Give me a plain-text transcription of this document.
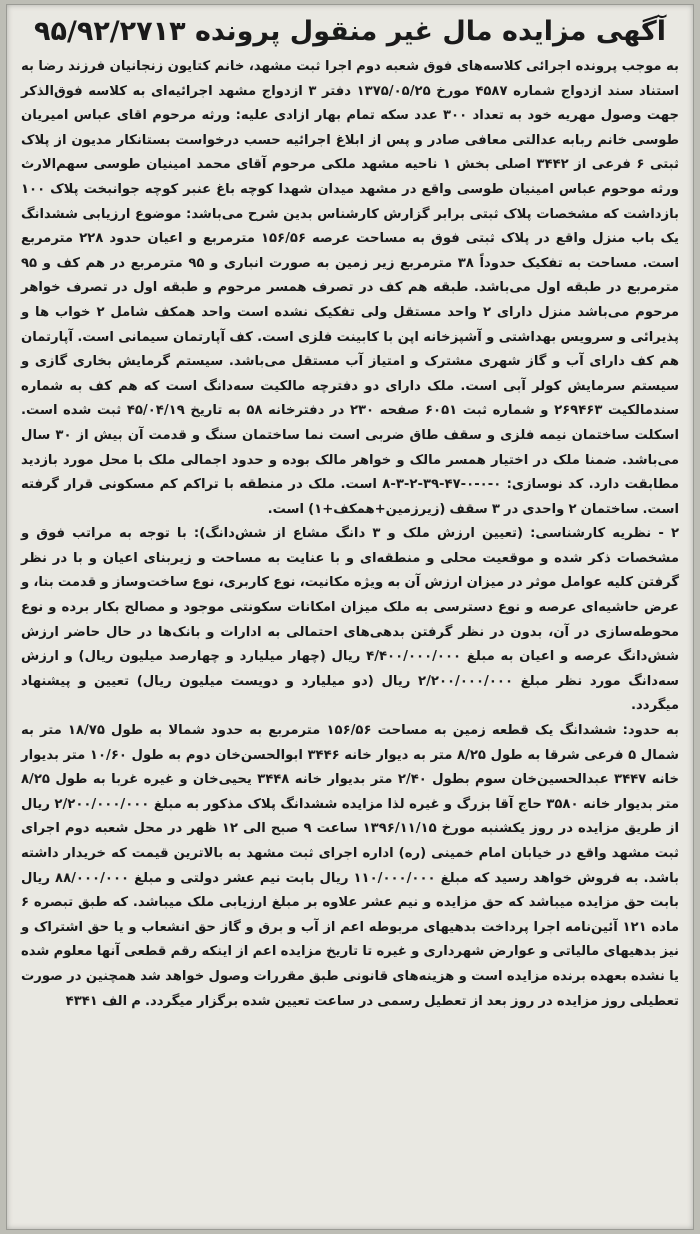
آگهی مزایده مال غیر منقول پرونده ۹۵/۹۲/۲۷۱۳

به موجب پرونده اجرائی کلاسه‌های فوق شعبه دوم اجرا ثبت مشهد، خانم کتایون زنجانیان فرزند رضا به استناد سند ازدواج شماره ۴۵۸۷ مورخ ۱۳۷۵/۰۵/۲۵ دفتر ۳ ازدواج مشهد اجرائیه‌ای به کلاسه فوق‌الذکر جهت وصول مهریه خود به تعداد ۳۰۰ عدد سکه تمام بهار ازادی علیه: ورثه مرحوم اقای عباس امیریان طوسی خانم ربابه عدالتی معافی صادر و پس از ابلاغ اجرائیه حسب درخواست بستانکار مدیون از پلاک ثبتی ۶ فرعی از ۳۴۴۲ اصلی بخش ۱ ناحیه مشهد ملکی مرحوم آقای محمد امینیان طوسی سهم‌الارث ورثه موحوم عباس امینیان طوسی واقع در مشهد میدان شهدا کوچه باغ عنبر کوچه جوانبخت پلاک ۱۰۰ بازداشت که مشخصات پلاک ثبتی برابر گزارش کارشناس بدین شرح می‌باشد: موضوع ارزیابی ششدانگ یک باب منزل واقع در پلاک ثبتی فوق به مساحت عرصه ۱۵۶/۵۶ مترمربع و اعیان حدود ۲۲۸ مترمربع است. مساحت به تفکیک حدوداً ۳۸ مترمربع زیر زمین به صورت انباری و ۹۵ مترمربع در هم کف و ۹۵ مترمربع در طبقه اول می‌باشد. طبقه هم کف در تصرف همسر مرحوم و طبقه اول در تصرف خواهر مرحوم می‌باشد منزل دارای ۲ واحد مستقل ولی تفکیک نشده است واحد همکف شامل ۲ خواب ها و پذیرائی و سرویس بهداشتی و آشپزخانه اپن با کابینت فلزی است. کف آپارتمان سیمانی است. آپارتمان هم کف دارای آب و گاز شهری مشترک و امتیاز آب مستقل می‌باشد. سیستم گرمایش بخاری گازی و سیستم سرمایش کولر آبی است. ملک دارای دو دفترچه مالکیت سه‌دانگ است که هم کف به شماره سندمالکیت ۲۶۹۴۶۳ و شماره ثبت ۶۰۵۱ صفحه ۲۳۰ در دفترخانه ۵۸ به تاریخ ۴۵/۰۴/۱۹ ثبت شده است. اسکلت ساختمان نیمه فلزی و سقف طاق ضربی است نما ساختمان سنگ و قدمت آن بیش از ۳۰ سال می‌باشد. ضمنا ملک در اختیار همسر مالک و خواهر مالک بوده و حدود اجمالی ملک با محل مورد بازدید مطابقت دارد. کد نوسازی: ۰-۰-۰-۴۷-۳۹-۲-۳-۸ است. ملک در منطقه با تراکم کم مسکونی قرار گرفته است. ساختمان ۲ واحدی در ۳ سقف (زیرزمین+همکف+۱) است.

۲ - نظریه کارشناسی: (تعیین ارزش ملک و ۳ دانگ مشاع از شش‌دانگ): با توجه به مراتب فوق و مشخصات ذکر شده و موقعیت محلی و منطقه‌ای و با عنایت به مساحت و زیربنای اعیان و با در نظر گرفتن کلیه عوامل موثر در میزان ارزش آن به ویژه مکانیت، نوع کاربری، نوع ساخت‌وساز و قدمت بنا، و عرض حاشیه‌ای عرصه و نوع دسترسی به ملک میزان امکانات سکونتی موجود و مصالح بکار برده و نوع محوطه‌سازی در آن، بدون در نظر گرفتن بدهی‌های احتمالی به ادارات و بانک‌ها در حال حاضر ارزش شش‌دانگ عرصه و اعیان به مبلغ ۴/۴۰۰/۰۰۰/۰۰۰ ریال (چهار میلیارد و چهارصد میلیون ریال) و ارزش سه‌دانگ مورد نظر مبلغ ۲/۲۰۰/۰۰۰/۰۰۰ ریال (دو میلیارد و دویست میلیون ریال) تعیین و پیشنهاد میگردد.

به حدود: ششدانگ یک قطعه زمین به مساحت ۱۵۶/۵۶ مترمربع به حدود شمالا به طول ۱۸/۷۵ متر به شمال ۵ فرعی شرقا به طول ۸/۲۵ متر به دیوار خانه ۳۴۴۶ ابوالحسن‌خان دوم به طول ۱۰/۶۰ متر بدیوار خانه ۳۴۴۷ عبدالحسین‌خان سوم بطول ۲/۴۰ متر بدیوار خانه ۳۴۴۸ یحیی‌خان و غیره غربا به طول ۸/۲۵ متر بدیوار خانه ۳۵۸۰ حاج آقا بزرگ و غیره لذا مزایده ششدانگ پلاک مذکور به مبلغ ۲/۲۰۰/۰۰۰/۰۰۰ ریال از طریق مزایده در روز یکشنبه مورخ ۱۳۹۶/۱۱/۱۵ ساعت ۹ صبح الی ۱۲ ظهر در محل شعبه دوم اجرای ثبت مشهد واقع در خیابان امام خمینی (ره) اداره اجرای ثبت مشهد به بالاترین قیمت که خریدار داشته باشد. به فروش خواهد رسید که مبلغ ۱۱۰/۰۰۰/۰۰۰ ریال بابت نیم عشر دولتی و مبلغ ۸۸/۰۰۰/۰۰۰ ریال بابت حق مزایده میباشد که حق مزایده و نیم عشر علاوه بر مبلغ ارزیابی ملک میباشد. که طبق تبصره ۶ ماده ۱۲۱ آئین‌نامه اجرا پرداخت بدهیهای مربوطه اعم از آب و برق و گاز حق انشعاب و یا حق اشتراک و نیز بدهیهای مالیاتی و عوارض شهرداری و غیره تا تاریخ مزایده اعم از اینکه رقم قطعی آنها معلوم شده یا نشده بعهده برنده مزایده است و هزینه‌های قانونی طبق مقررات وصول خواهد شد همچنین در صورت تعطیلی روز مزایده در روز بعد از تعطیل رسمی در ساعت تعیین شده برگزار میگردد. م الف ۴۳۴۱
